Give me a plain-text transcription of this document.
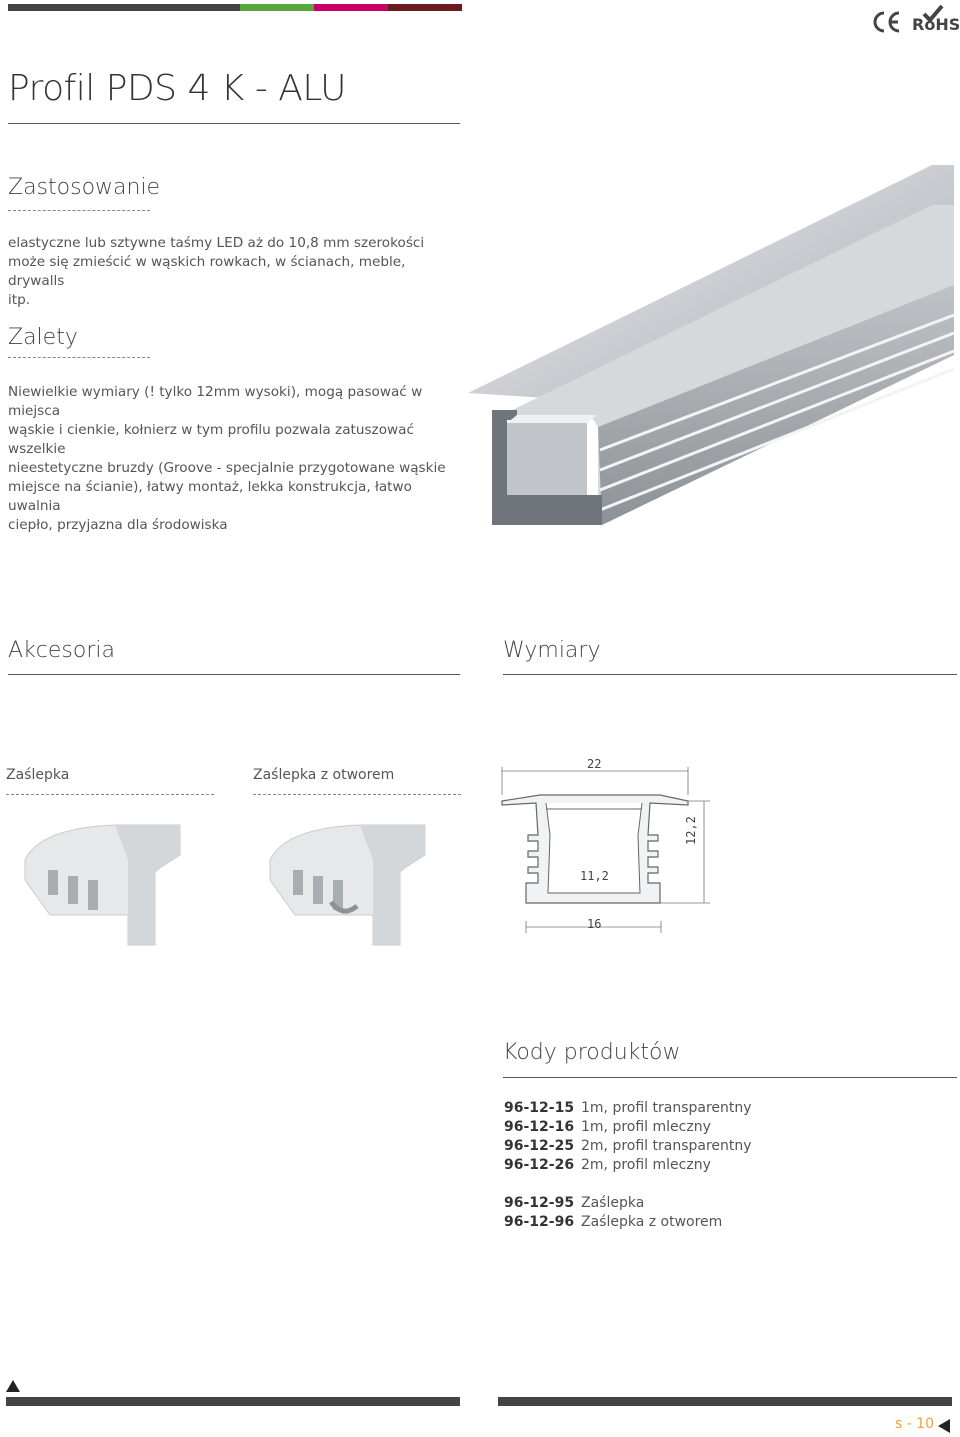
RoHS
Profil PDS 4 K - ALU
Zastosowanie
elastyczne lub sztywne taśmy LED aż do 10,8 mm szerokości
może się zmieścić w wąskich rowkach, w ścianach, meble, drywalls
itp.
Zalety
Niewielkie wymiary (! tylko 12mm wysoki), mogą pasować w miejsca
wąskie i cienkie, kołnierz w tym profilu pozwala zatuszować wszelkie
nieestetyczne bruzdy (Groove - specjalnie przygotowane wąskie
miejsce na ścianie), łatwy montaż, lekka konstrukcja, łatwo uwalnia
ciepło, przyjazna dla środowiska
Akcesoria
Zaślepka	Zaślepka z otworem
Wymiary
22
11,2
16
12,2
Kody produktów
96-12-15 1m, profil transparentny
96-12-16 1m, profil mleczny
96-12-25 2m, profil transparentny
96-12-26 2m, profil mleczny
96-12-95 Zaślepka
96-12-96 Zaślepka z otworem
s - 10
